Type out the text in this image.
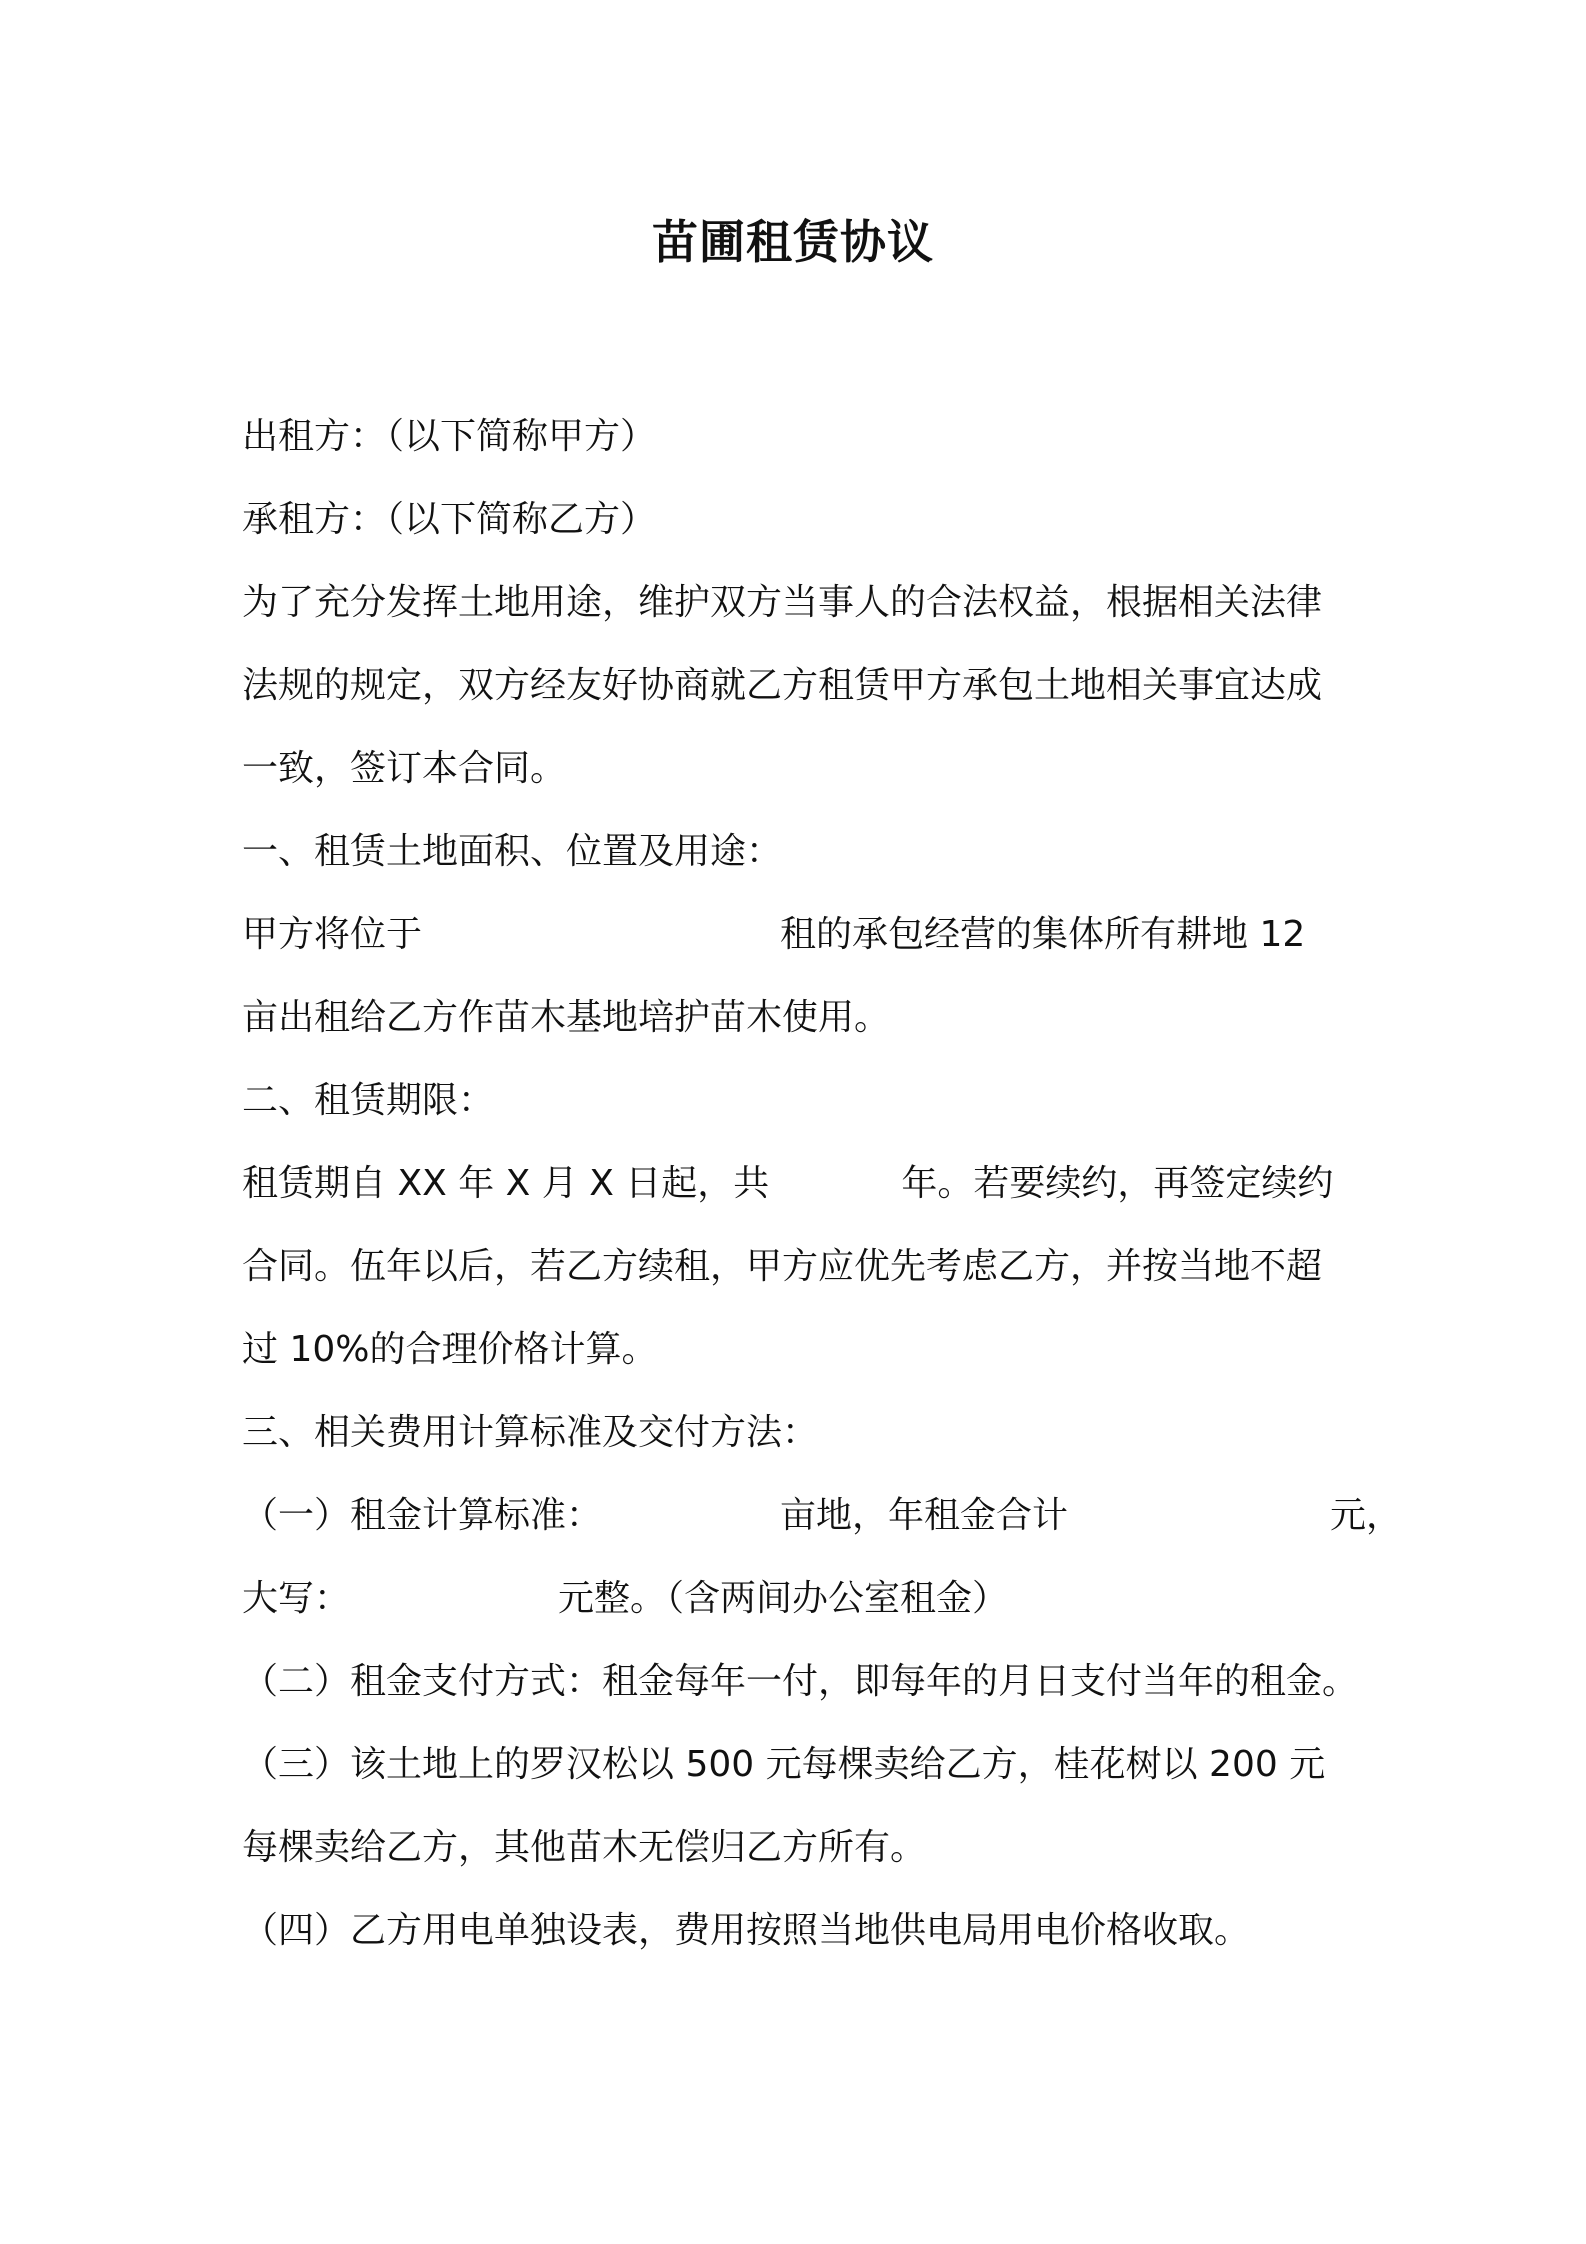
苗圃租赁协议
出租方：（以下简称甲方）
承租方：（以下简称乙方）
为了充分发挥土地用途，维护双方当事人的合法权益，根据相关法律
法规的规定，双方经友好协商就乙方租赁甲方承包土地相关事宜达成
一致，签订本合同。
一、租赁土地面积、位置及用途：
甲方将位于	租的承包经营的集体所有耕地 12
亩出租给乙方作苗木基地培护苗木使用。
二、租赁期限：
租赁期自 XX 年 X 月 X 日起，共	年。若要续约，再签定续约
合同。伍年以后，若乙方续租，甲方应优先考虑乙方，并按当地不超
过 10%的合理价格计算。
三、相关费用计算标准及交付方法：
（一）租金计算标准：	亩地，年租金合计	元，
大写：	元整。（含两间办公室租金）
（二）租金支付方式：租金每年一付，即每年的月日支付当年的租金。
（三）该土地上的罗汉松以 500 元每棵卖给乙方，桂花树以 200 元
每棵卖给乙方，其他苗木无偿归乙方所有。
（四）乙方用电单独设表，费用按照当地供电局用电价格收取。
